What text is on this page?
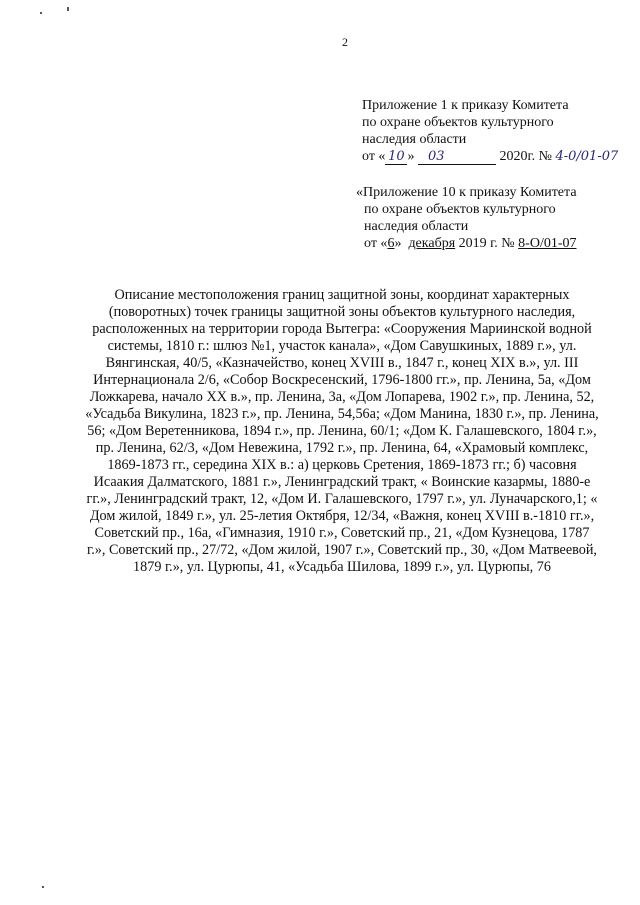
2
Приложение 1 к приказу Комитета
по охране объектов культурного
наследия области
от « 10 » 03	2020г. № 4-0/01-07
«Приложение 10 к приказу Комитета
по охране объектов культурного
наследия области
от «6» декабря 2019 г. № 8-О/01-07

Описание местоположения границ защитной зоны, координат характерных (поворотных) точек границы защитной зоны объектов культурного наследия, расположенных на территории города Вытегра: «Сооружения Мариинской водной системы, 1810 г.: шлюз №1, участок канала», «Дом Савушкиных, 1889 г.», ул. Вянгинская, 40/5, «Казначейство, конец XVIII в., 1847 г., конец XIX в.», ул. III Интернационала 2/6, «Собор Воскресенский, 1796-1800 гг.», пр. Ленина, 5а, «Дом Ложкарева, начало XX в.», пр. Ленина, 3а, «Дом Лопарева, 1902 г.», пр. Ленина, 52, «Усадьба Викулина, 1823 г.», пр. Ленина, 54,56а; «Дом Манина, 1830 г.», пр. Ленина, 56; «Дом Веретенникова, 1894 г.», пр. Ленина, 60/1; «Дом К. Галашевского, 1804 г.», пр. Ленина, 62/3, «Дом Невежина, 1792 г.», пр. Ленина, 64, «Храмовый комплекс, 1869-1873 гг., середина XIX в.: а) церковь Сретения, 1869-1873 гг.; б) часовня Исаакия Далматского, 1881 г.», Ленинградский тракт, « Воинские казармы, 1880-е гг.», Ленинградский тракт, 12, «Дом И. Галашевского, 1797 г.», ул. Луначарского,1; « Дом жилой, 1849 г.», ул. 25-летия Октября, 12/34, «Важня, конец XVIII в.-1810 гг.», Советский пр., 16а, «Гимназия, 1910 г.», Советский пр., 21, «Дом Кузнецова, 1787 г.», Советский пр., 27/72, «Дом жилой, 1907 г.», Советский пр., 30, «Дом Матвеевой, 1879 г.», ул. Цурюпы, 41, «Усадьба Шилова, 1899 г.», ул. Цурюпы, 76
